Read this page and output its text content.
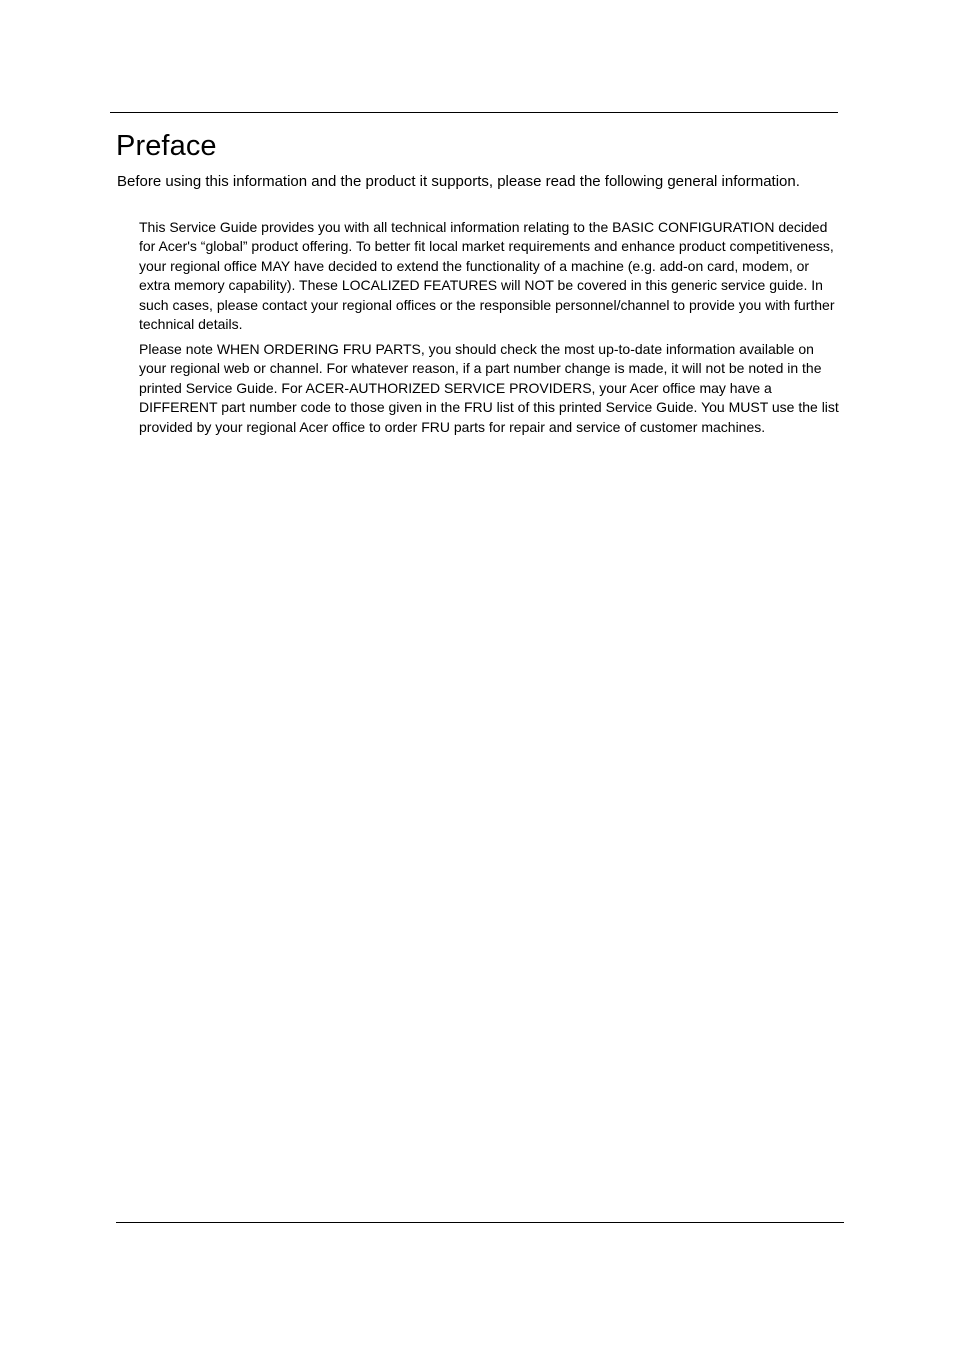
Preface

Before using this information and the product it supports, please read the following general information.

This Service Guide provides you with all technical information relating to the BASIC CONFIGURATION decided for Acer's “global” product offering. To better fit local market requirements and enhance product competitiveness, your regional office MAY have decided to extend the functionality of a machine (e.g. add-on card, modem, or extra memory capability). These LOCALIZED FEATURES will NOT be covered in this generic service guide. In such cases, please contact your regional offices or the responsible personnel/channel to provide you with further technical details.

Please note WHEN ORDERING FRU PARTS, you should check the most up-to-date information available on your regional web or channel. For whatever reason, if a part number change is made, it will not be noted in the printed Service Guide. For ACER-AUTHORIZED SERVICE PROVIDERS, your Acer office may have a DIFFERENT part number code to those given in the FRU list of this printed Service Guide. You MUST use the list provided by your regional Acer office to order FRU parts for repair and service of customer machines.
